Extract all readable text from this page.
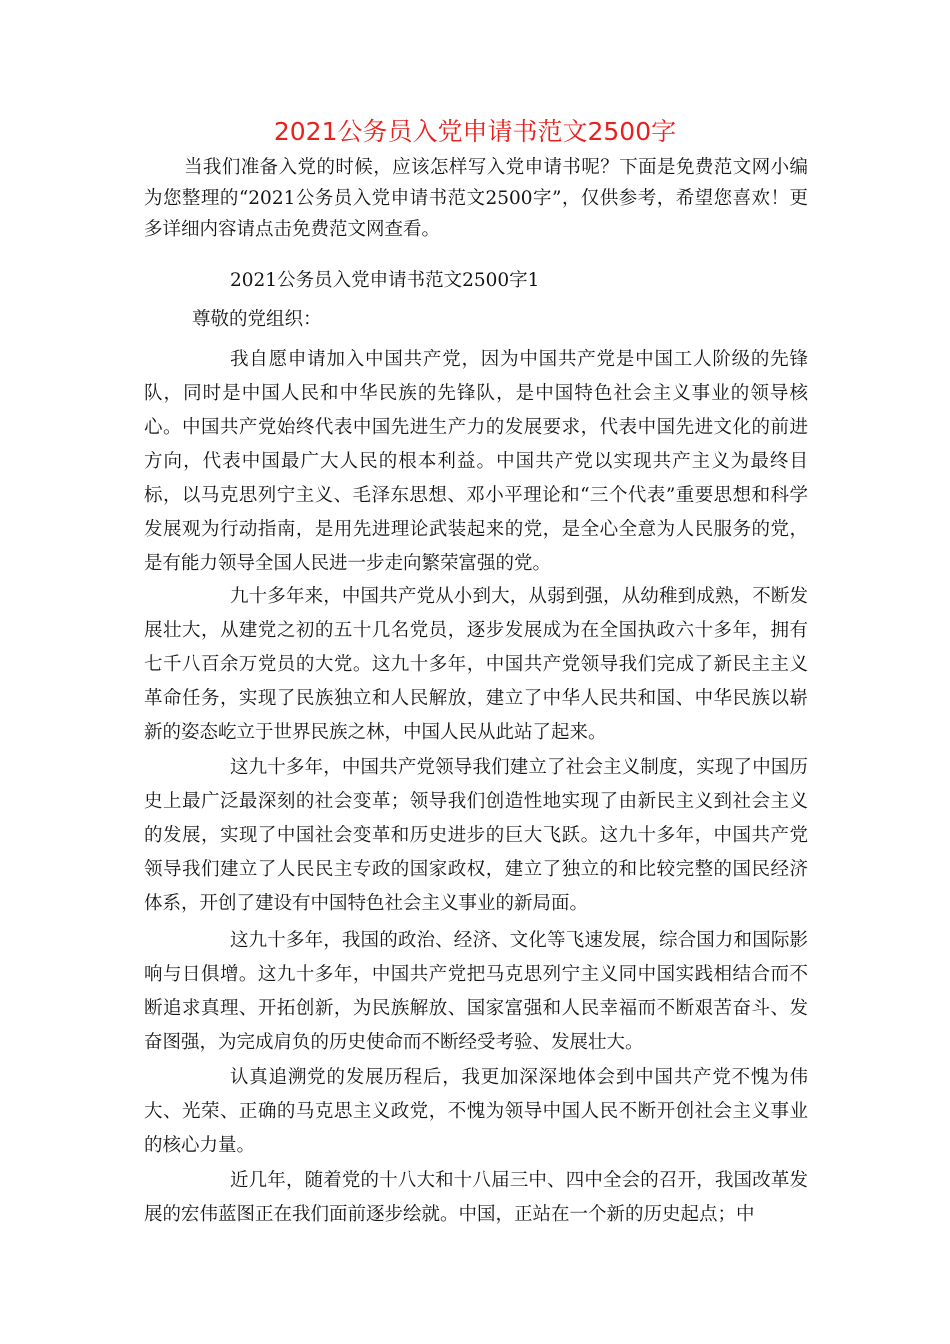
2021公务员入党申请书范文2500字

当我们准备入党的时候，应该怎样写入党申请书呢？下面是免费范文网小编为您整理的“2021公务员入党申请书范文2500字”，仅供参考，希望您喜欢！更多详细内容请点击免费范文网查看。

2021公务员入党申请书范文2500字1

尊敬的党组织：

我自愿申请加入中国共产党，因为中国共产党是中国工人阶级的先锋队，同时是中国人民和中华民族的先锋队，是中国特色社会主义事业的领导核心。中国共产党始终代表中国先进生产力的发展要求，代表中国先进文化的前进方向，代表中国最广大人民的根本利益。中国共产党以实现共产主义为最终目标，以马克思列宁主义、毛泽东思想、邓小平理论和“三个代表”重要思想和科学发展观为行动指南，是用先进理论武装起来的党，是全心全意为人民服务的党，是有能力领导全国人民进一步走向繁荣富强的党。

九十多年来，中国共产党从小到大，从弱到强，从幼稚到成熟，不断发展壮大，从建党之初的五十几名党员，逐步发展成为在全国执政六十多年，拥有七千八百余万党员的大党。这九十多年，中国共产党领导我们完成了新民主主义革命任务，实现了民族独立和人民解放，建立了中华人民共和国、中华民族以崭新的姿态屹立于世界民族之林，中国人民从此站了起来。

这九十多年，中国共产党领导我们建立了社会主义制度，实现了中国历史上最广泛最深刻的社会变革；领导我们创造性地实现了由新民主义到社会主义的发展，实现了中国社会变革和历史进步的巨大飞跃。这九十多年，中国共产党领导我们建立了人民民主专政的国家政权，建立了独立的和比较完整的国民经济体系，开创了建设有中国特色社会主义事业的新局面。

这九十多年，我国的政治、经济、文化等飞速发展，综合国力和国际影响与日俱增。这九十多年，中国共产党把马克思列宁主义同中国实践相结合而不断追求真理、开拓创新，为民族解放、国家富强和人民幸福而不断艰苦奋斗、发奋图强，为完成肩负的历史使命而不断经受考验、发展壮大。

认真追溯党的发展历程后，我更加深深地体会到中国共产党不愧为伟大、光荣、正确的马克思主义政党，不愧为领导中国人民不断开创社会主义事业的核心力量。

近几年，随着党的十八大和十八届三中、四中全会的召开，我国改革发展的宏伟蓝图正在我们面前逐步绘就。中国，正站在一个新的历史起点；中
